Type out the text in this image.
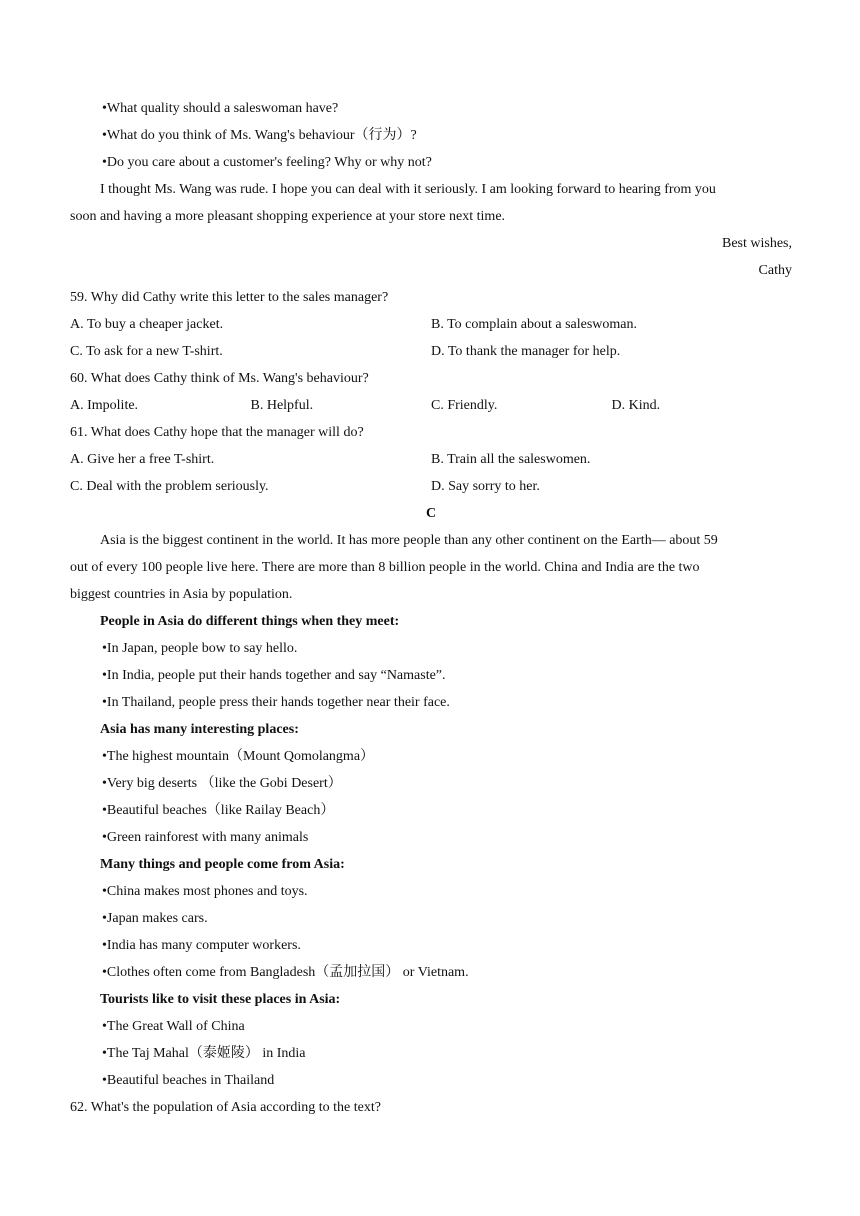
•What quality should a saleswoman have?
•What do you think of Ms. Wang's behaviour（行为）?
•Do you care about a customer's feeling? Why or why not?
I thought Ms. Wang was rude. I hope you can deal with it seriously. I am looking forward to hearing from you
soon and having a more pleasant shopping experience at your store next time.
Best wishes,
Cathy
59. Why did Cathy write this letter to the sales manager?
A. To buy a cheaper jacket.	B. To complain about a saleswoman.
C. To ask for a new T-shirt.	D. To thank the manager for help.
60. What does Cathy think of Ms. Wang's behaviour?
A. Impolite.	B. Helpful.	C. Friendly.	D. Kind.
61. What does Cathy hope that the manager will do?
A. Give her a free T-shirt.	B. Train all the saleswomen.
C. Deal with the problem seriously.	D. Say sorry to her.
C
Asia is the biggest continent in the world. It has more people than any other continent on the Earth— about 59
out of every 100 people live here. There are more than 8 billion people in the world. China and India are the two
biggest countries in Asia by population.
People in Asia do different things when they meet:
•In Japan, people bow to say hello.
•In India, people put their hands together and say “Namaste”.
•In Thailand, people press their hands together near their face.
Asia has many interesting places:
•The highest mountain（Mount Qomolangma）
•Very big deserts （like the Gobi Desert）
•Beautiful beaches（like Railay Beach）
•Green rainforest with many animals
Many things and people come from Asia:
•China makes most phones and toys.
•Japan makes cars.
•India has many computer workers.
•Clothes often come from Bangladesh（孟加拉国） or Vietnam.
Tourists like to visit these places in Asia:
•The Great Wall of China
•The Taj Mahal（泰姬陵） in India
•Beautiful beaches in Thailand
62. What's the population of Asia according to the text?
